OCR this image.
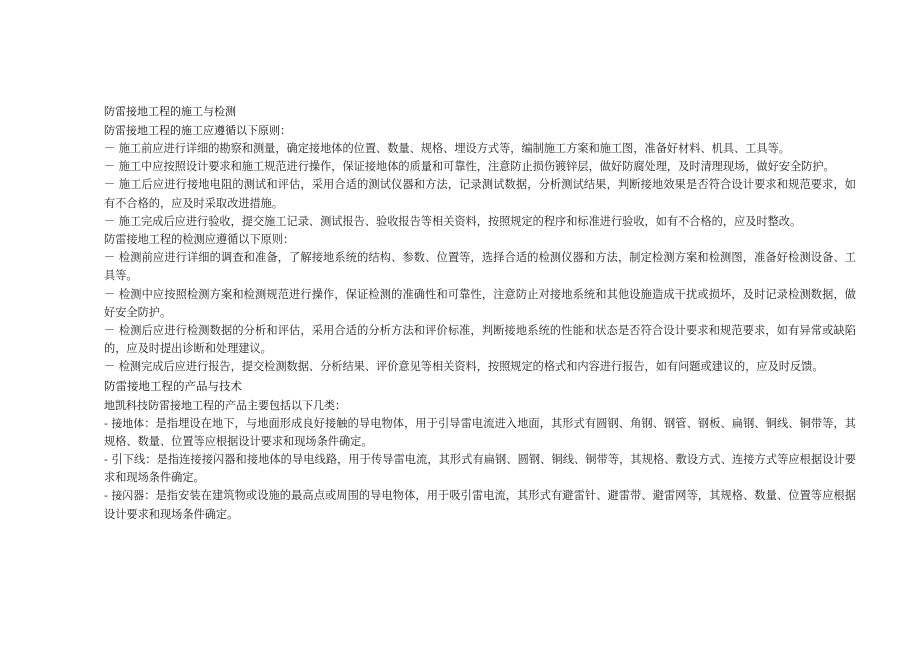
防雷接地工程的施工与检测
防雷接地工程的施工应遵循以下原则：
－ 施工前应进行详细的勘察和测量，确定接地体的位置、数量、规格、埋设方式等，编制施工方案和施工图，准备好材料、机具、工具等。
－ 施工中应按照设计要求和施工规范进行操作，保证接地体的质量和可靠性，注意防止损伤镀锌层，做好防腐处理，及时清理现场，做好安全防护。
－ 施工后应进行接地电阻的测试和评估，采用合适的测试仪器和方法，记录测试数据，分析测试结果，判断接地效果是否符合设计要求和规范要求，如有不合格的，应及时采取改进措施。
－ 施工完成后应进行验收，提交施工记录、测试报告、验收报告等相关资料，按照规定的程序和标准进行验收，如有不合格的，应及时整改。
防雷接地工程的检测应遵循以下原则：
－ 检测前应进行详细的调查和准备，了解接地系统的结构、参数、位置等，选择合适的检测仪器和方法，制定检测方案和检测图，准备好检测设备、工具等。
－ 检测中应按照检测方案和检测规范进行操作，保证检测的准确性和可靠性，注意防止对接地系统和其他设施造成干扰或损坏，及时记录检测数据，做好安全防护。
－ 检测后应进行检测数据的分析和评估，采用合适的分析方法和评价标准，判断接地系统的性能和状态是否符合设计要求和规范要求，如有异常或缺陷的，应及时提出诊断和处理建议。
－ 检测完成后应进行报告，提交检测数据、分析结果、评价意见等相关资料，按照规定的格式和内容进行报告，如有问题或建议的，应及时反馈。
防雷接地工程的产品与技术
地凯科技防雷接地工程的产品主要包括以下几类：
- 接地体：是指埋设在地下，与地面形成良好接触的导电物体，用于引导雷电流进入地面，其形式有圆钢、角钢、钢管、钢板、扁钢、铜线、铜带等，其规格、数量、位置等应根据设计要求和现场条件确定。
- 引下线：是指连接接闪器和接地体的导电线路，用于传导雷电流，其形式有扁钢、圆钢、铜线、铜带等，其规格、敷设方式、连接方式等应根据设计要求和现场条件确定。
- 接闪器：是指安装在建筑物或设施的最高点或周围的导电物体，用于吸引雷电流，其形式有避雷针、避雷带、避雷网等，其规格、数量、位置等应根据设计要求和现场条件确定。
